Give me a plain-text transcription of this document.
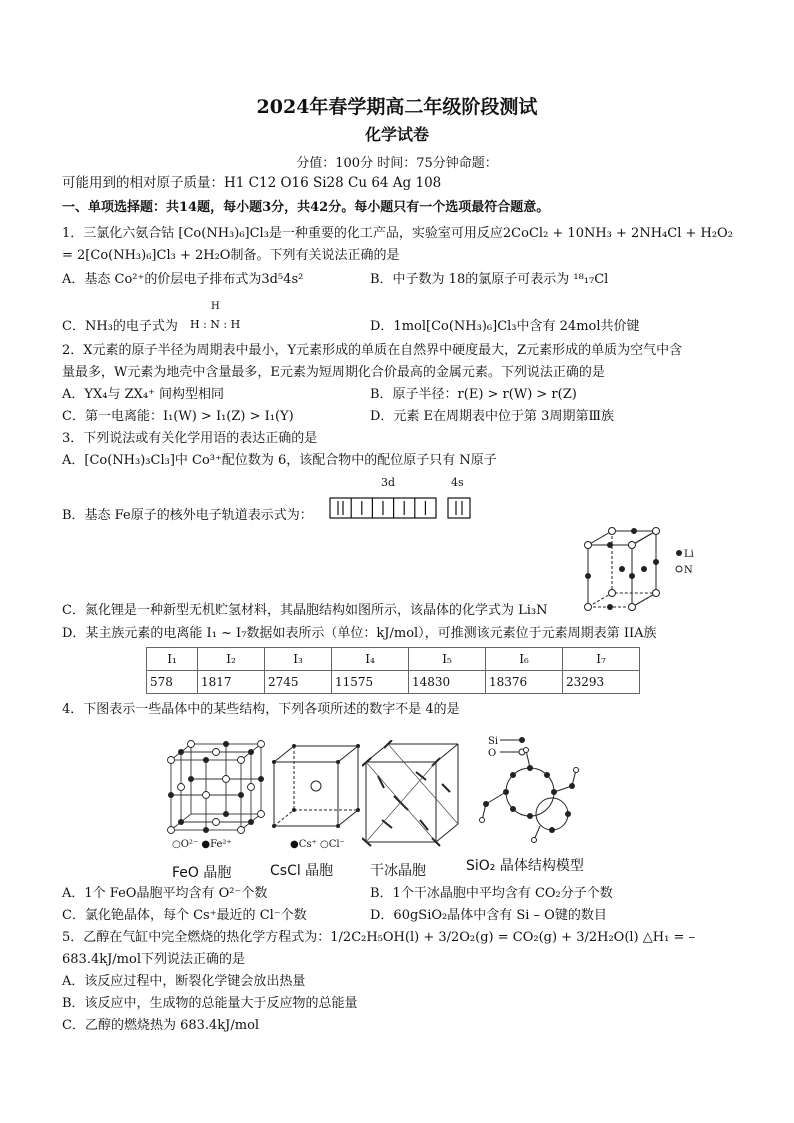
2024年春学期高二年级阶段测试
化学试卷
分值：100分 时间：75分钟命题：
可能用到的相对原子质量：H1 C12 O16 Si28 Cu 64 Ag 108
一、单项选择题：共14题，每小题3分，共42分。每小题只有一个选项最符合题意。
1．三氯化六氨合钴 [Co(NH₃)₆]Cl₃是一种重要的化工产品，实验室可用反应2CoCl₂ + 10NH₃ + 2NH₄Cl + H₂O₂
= 2[Co(NH₃)₆]Cl₃ + 2H₂O制备。下列有关说法正确的是
A．基态 Co²⁺的价层电子排布式为3d⁵4s²	B．中子数为 18的氯原子可表示为 ¹⁸₁₇Cl
C．NH₃的电子式为
H
H : N : H	D．1mol[Co(NH₃)₆]Cl₃中含有 24mol共价键
2．X元素的原子半径为周期表中最小，Y元素形成的单质在自然界中硬度最大，Z元素形成的单质为空气中含
量最多，W元素为地壳中含量最多，E元素为短周期化合价最高的金属元素。下列说法正确的是
A．YX₄与 ZX₄⁺ 间构型相同	B．原子半径：r(E) > r(W) > r(Z)
C．第一电离能：I₁(W) > I₁(Z) > I₁(Y)	D．元素 E在周期表中位于第 3周期第Ⅲ族
3．下列说法或有关化学用语的表达正确的是
A．[Co(NH₃)₃Cl₃]中 Co³⁺配位数为 6，该配合物中的配位原子只有 N原子
B．基态 Fe原子的核外电子轨道表示式为：
3d	4s
Li
N
C．氮化锂是一种新型无机贮氢材料，其晶胞结构如图所示，该晶体的化学式为 Li₃N
D．某主族元素的电离能 I₁ ~ I₇数据如表所示（单位：kJ/mol），可推测该元素位于元素周期表第 IIA族
I₁	I₂	I₃	I₄	I₅	I₆	I₇
578	1817	2745	11575	14830	18376	23293
4．下图表示一些晶体中的某些结构，下列各项所述的数字不是 4的是
○O²⁻ ●Fe²⁺	●Cs⁺ ○Cl⁻
Si
O
FeO 晶胞	CsCl 晶胞	干冰晶胞	SiO₂ 晶体结构模型
A．1个 FeO晶胞平均含有 O²⁻个数	B．1个干冰晶胞中平均含有 CO₂分子个数
C．氯化铯晶体，每个 Cs⁺最近的 Cl⁻个数	D．60gSiO₂晶体中含有 Si – O键的数目
5．乙醇在气缸中完全燃烧的热化学方程式为：1/2C₂H₅OH(l) + 3/2O₂(g) = CO₂(g) + 3/2H₂O(l) △H₁ = –
683.4kJ/mol下列说法正确的是
A．该反应过程中，断裂化学键会放出热量
B．该反应中，生成物的总能量大于反应物的总能量
C．乙醇的燃烧热为 683.4kJ/mol
